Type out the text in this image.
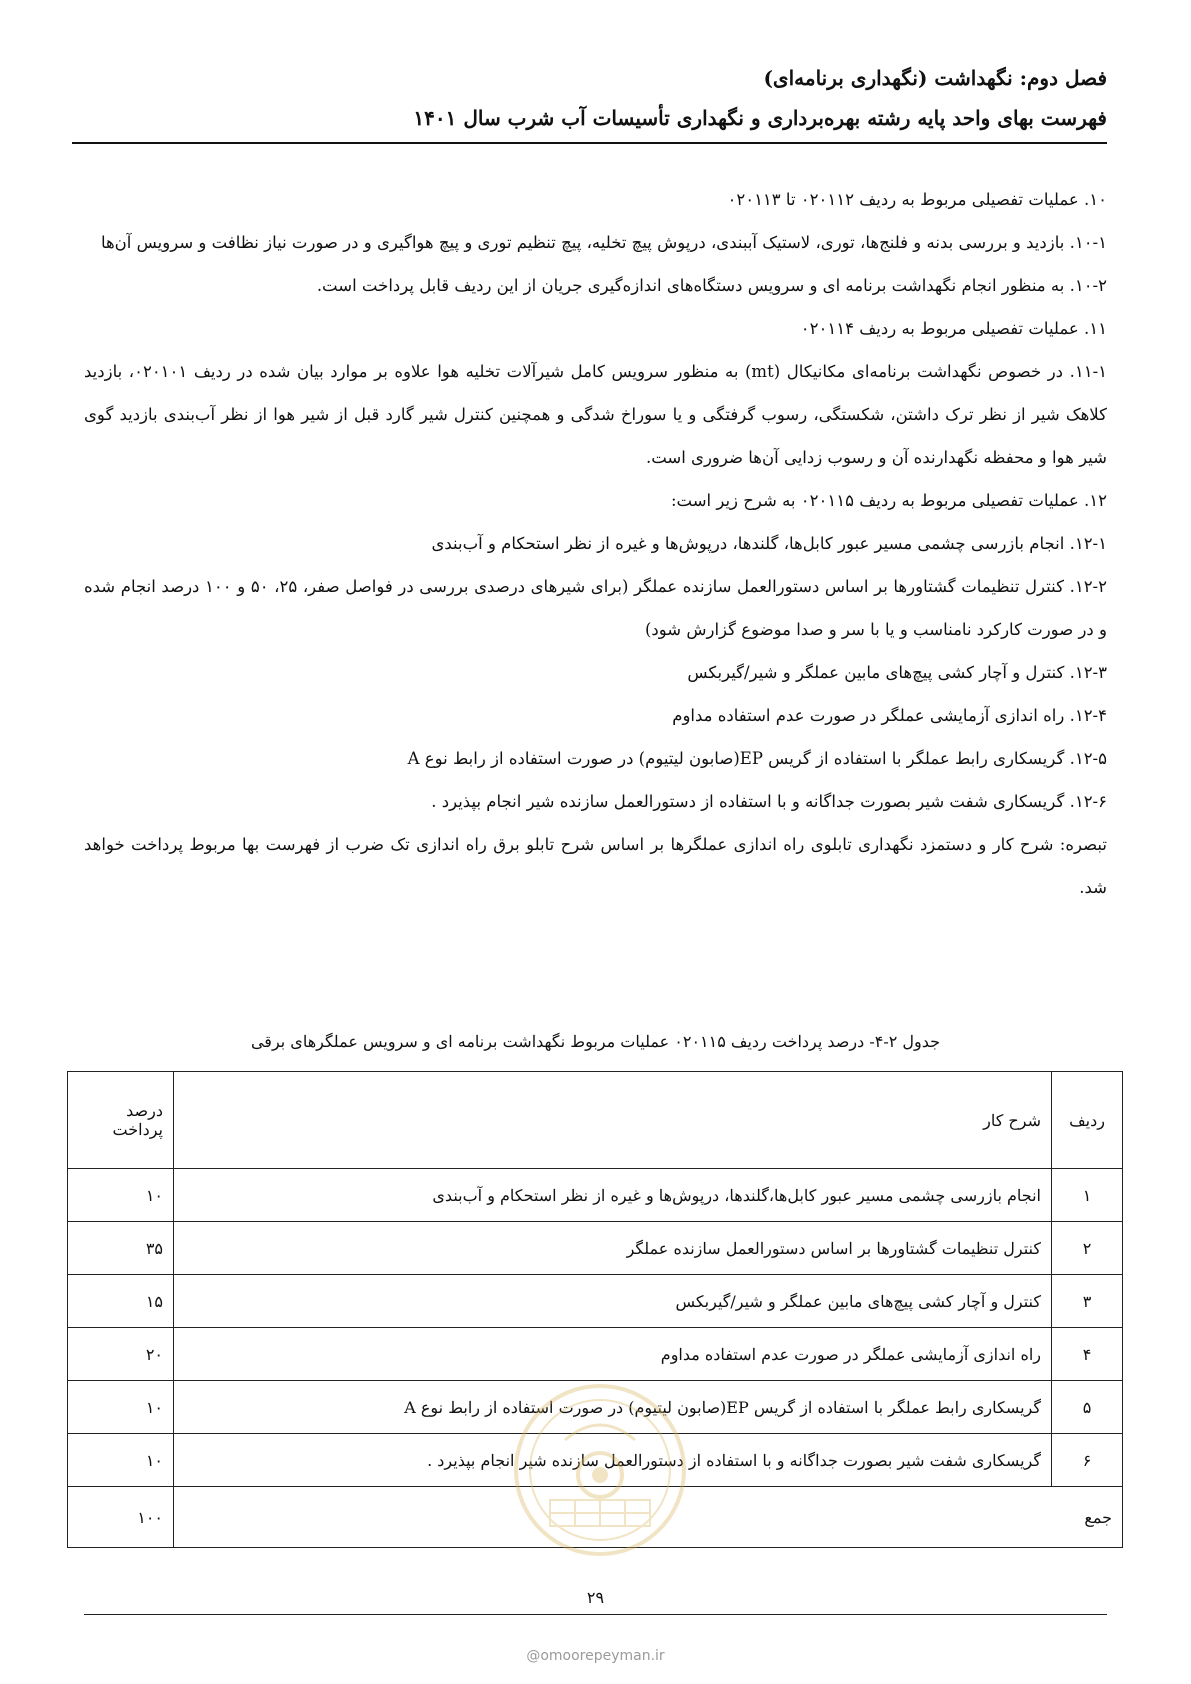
فصل دوم: نگهداشت (نگهداری برنامه‌ای)
فهرست بهای واحد پایه رشته بهره‌برداری و نگهداری تأسیسات آب شرب سال ۱۴۰۱

۱۰. عملیات تفصیلی مربوط به ردیف ۰۲۰۱۱۲ تا ۰۲۰۱۱۳

۱۰-۱. بازدید و بررسی بدنه و فلنج‌ها، توری، لاستیک آببندی، درپوش پیچ تخلیه، پیچ تنظیم توری و پیچ هواگیری و در صورت نیاز نظافت و سرویس آن‌ها

۱۰-۲. به منظور انجام نگهداشت برنامه ای و سرویس دستگاه‌های اندازه‌گیری جریان از این ردیف قابل پرداخت است.

۱۱. عملیات تفصیلی مربوط به ردیف ۰۲۰۱۱۴

۱۱-۱. در خصوص نگهداشت برنامه‌ای مکانیکال (mt) به منظور سرویس کامل شیرآلات تخلیه هوا علاوه بر موارد بیان شده در ردیف ۰۲۰۱۰۱، بازدید کلاهک شیر از نظر ترک داشتن، شکستگی، رسوب گرفتگی و یا سوراخ شدگی و همچنین کنترل شیر گارد قبل از شیر هوا از نظر آب‌بندی بازدید گوی شیر هوا و محفظه نگهدارنده آن و رسوب زدایی آن‌ها ضروری است.

۱۲. عملیات تفصیلی مربوط به ردیف ۰۲۰۱۱۵ به شرح زیر است:

۱۲-۱. انجام بازرسی چشمی مسیر عبور کابل‌ها، گلندها، درپوش‌ها و غیره از نظر استحکام و آب‌بندی

۱۲-۲. کنترل تنظیمات گشتاورها بر اساس دستورالعمل سازنده عملگر (برای شیرهای درصدی بررسی در فواصل صفر، ۲۵، ۵۰ و ۱۰۰ درصد انجام شده و در صورت کارکرد نامناسب و یا با سر و صدا موضوع گزارش شود)

۱۲-۳. کنترل و آچار کشی پیچ‌های مابین عملگر و شیر/گیربکس

۱۲-۴. راه اندازی آزمایشی عملگر در صورت عدم استفاده مداوم

۱۲-۵. گریسکاری رابط عملگر با استفاده از گریس EP(صابون لیتیوم) در صورت استفاده از رابط نوع A

۱۲-۶. گریسکاری شفت شیر بصورت جداگانه و با استفاده از دستورالعمل سازنده شیر انجام بپذیرد .

تبصره: شرح کار و دستمزد نگهداری تابلوی راه اندازی عملگرها بر اساس شرح تابلو برق راه اندازی تک ضرب از فهرست بها مربوط پرداخت خواهد شد.

جدول ۲-۴- درصد پرداخت ردیف ۰۲۰۱۱۵ عملیات مربوط نگهداشت برنامه ای و سرویس عملگرهای برقی
ردیف	شرح کار	درصد پرداخت
۱	انجام بازرسی چشمی مسیر عبور کابل‌ها،گلندها، درپوش‌ها و غیره از نظر استحکام و آب‌بندی	۱۰
۲	کنترل تنظیمات گشتاورها بر اساس دستورالعمل سازنده عملگر	۳۵
۳	کنترل و آچار کشی پیچ‌های مابین عملگر و شیر/گیربکس	۱۵
۴	راه اندازی آزمایشی عملگر در صورت عدم استفاده مداوم	۲۰
۵	گریسکاری رابط عملگر با استفاده از گریس EP(صابون لیتیوم) در صورت استفاده از رابط نوع A	۱۰
۶	گریسکاری شفت شیر بصورت جداگانه و با استفاده از دستورالعمل سازنده شیر انجام بپذیرد .	۱۰
جمع		۱۰۰
۲۹
@omoorepeyman.ir
